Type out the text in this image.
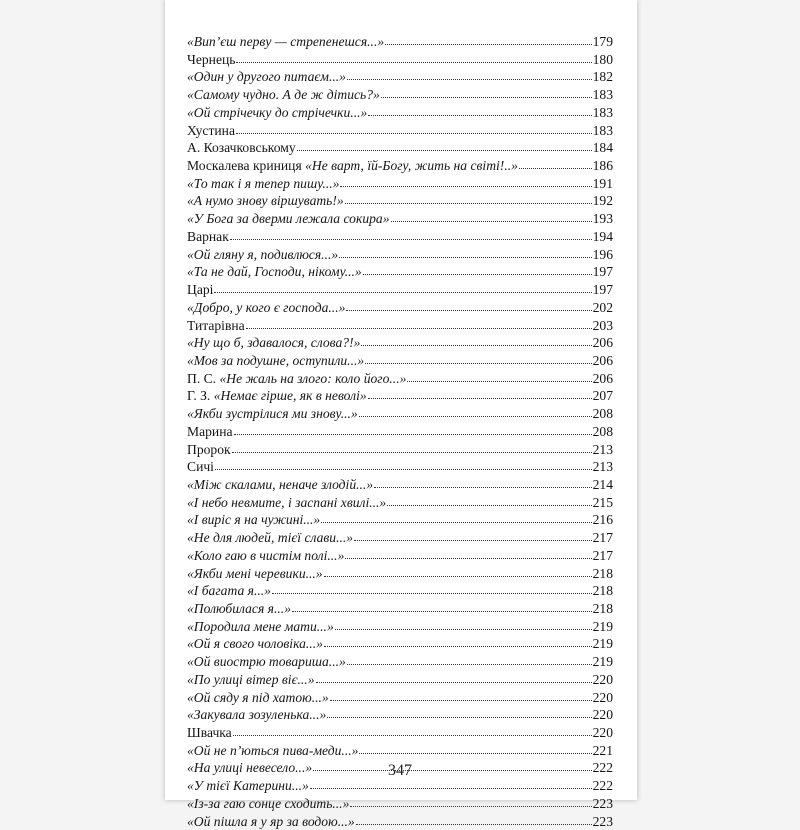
«Вип’єш перву — стрепенешся...»	179
Чернець	180
«Один у другого питаєм...»	182
«Самому чудно. А де ж дітись?»	183
«Ой стрічечку до стрічечки...»	183
Хустина	183
А. Козачковському	184
Москалева криниця «Не варт, їй-Богу, жить на світі!..»	186
«То так і я тепер пишу...»	191
«А нумо знову віршувать!»	192
«У Бога за дверми лежала сокира»	193
Варнак	194
«Ой гляну я, подивлюся...»	196
«Та не дай, Господи, нікому...»	197
Царі	197
«Добро, у кого є господа...»	202
Титарівна	203
«Ну що б, здавалося, слова?!»	206
«Мов за подушне, оступили...»	206
П. С. «Не жаль на злого: коло його...»	206
Г. З. «Немає гірше, як в неволі»	207
«Якби зустрілися ми знову...»	208
Марина	208
Пророк	213
Сичі	213
«Між скалами, неначе злодій...»	214
«І небо невмите, і заспані хвилі...»	215
«І виріс я на чужині...»	216
«Не для людей, тієї слави...»	217
«Коло гаю в чистім полі...»	217
«Якби мені черевики...»	218
«І багата я...»	218
«Полюбилася я...»	218
«Породила мене мати...»	219
«Ой я свого чоловіка...»	219
«Ой виострю товариша...»	219
«По улиці вітер віє...»	220
«Ой сяду я під хатою...»	220
«Закувала зозуленька...»	220
Швачка	220
«Ой не п’ються пива-меди...»	221
«На улиці невесело...»	222
«У тієї Катерини...»	222
«Із-за гаю сонце сходить...»	223
«Ой пішла я у яр за водою...»	223
347
